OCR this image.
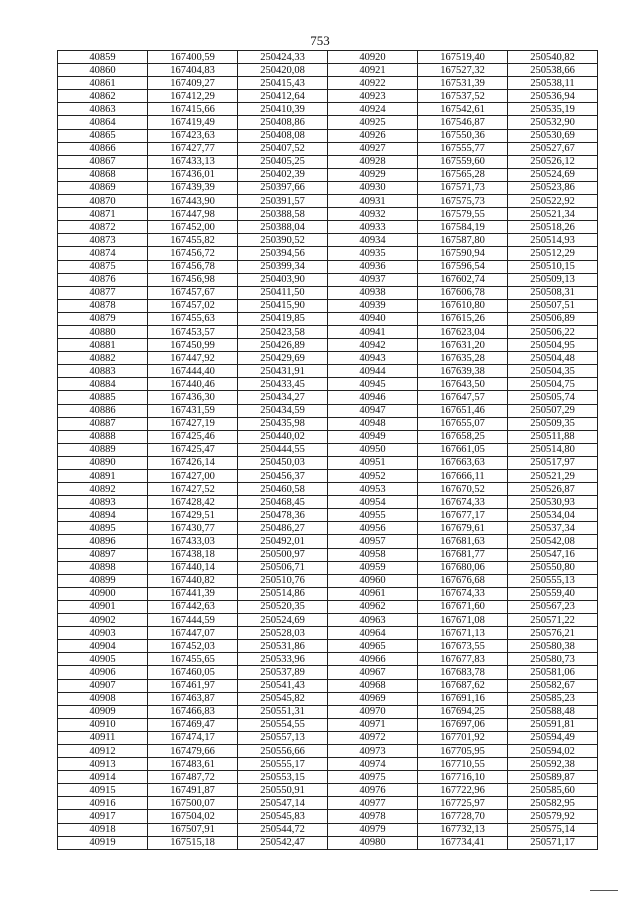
753
40859	167400,59	250424,33	40920	167519,40	250540,82
40860	167404,83	250420,08	40921	167527,32	250538,66
40861	167409,27	250415,43	40922	167531,39	250538,11
40862	167412,29	250412,64	40923	167537,52	250536,94
40863	167415,66	250410,39	40924	167542,61	250535,19
40864	167419,49	250408,86	40925	167546,87	250532,90
40865	167423,63	250408,08	40926	167550,36	250530,69
40866	167427,77	250407,52	40927	167555,77	250527,67
40867	167433,13	250405,25	40928	167559,60	250526,12
40868	167436,01	250402,39	40929	167565,28	250524,69
40869	167439,39	250397,66	40930	167571,73	250523,86
40870	167443,90	250391,57	40931	167575,73	250522,92
40871	167447,98	250388,58	40932	167579,55	250521,34
40872	167452,00	250388,04	40933	167584,19	250518,26
40873	167455,82	250390,52	40934	167587,80	250514,93
40874	167456,72	250394,56	40935	167590,94	250512,29
40875	167456,78	250399,34	40936	167596,54	250510,15
40876	167456,98	250403,90	40937	167602,74	250509,13
40877	167457,67	250411,50	40938	167606,78	250508,31
40878	167457,02	250415,90	40939	167610,80	250507,51
40879	167455,63	250419,85	40940	167615,26	250506,89
40880	167453,57	250423,58	40941	167623,04	250506,22
40881	167450,99	250426,89	40942	167631,20	250504,95
40882	167447,92	250429,69	40943	167635,28	250504,48
40883	167444,40	250431,91	40944	167639,38	250504,35
40884	167440,46	250433,45	40945	167643,50	250504,75
40885	167436,30	250434,27	40946	167647,57	250505,74
40886	167431,59	250434,59	40947	167651,46	250507,29
40887	167427,19	250435,98	40948	167655,07	250509,35
40888	167425,46	250440,02	40949	167658,25	250511,88
40889	167425,47	250444,55	40950	167661,05	250514,80
40890	167426,14	250450,03	40951	167663,63	250517,97
40891	167427,00	250456,37	40952	167666,11	250521,29
40892	167427,52	250460,58	40953	167670,52	250526,87
40893	167428,42	250468,45	40954	167674,33	250530,93
40894	167429,51	250478,36	40955	167677,17	250534,04
40895	167430,77	250486,27	40956	167679,61	250537,34
40896	167433,03	250492,01	40957	167681,63	250542,08
40897	167438,18	250500,97	40958	167681,77	250547,16
40898	167440,14	250506,71	40959	167680,06	250550,80
40899	167440,82	250510,76	40960	167676,68	250555,13
40900	167441,39	250514,86	40961	167674,33	250559,40
40901	167442,63	250520,35	40962	167671,60	250567,23
40902	167444,59	250524,69	40963	167671,08	250571,22
40903	167447,07	250528,03	40964	167671,13	250576,21
40904	167452,03	250531,86	40965	167673,55	250580,38
40905	167455,65	250533,96	40966	167677,83	250580,73
40906	167460,05	250537,89	40967	167683,78	250581,06
40907	167461,97	250541,43	40968	167687,62	250582,67
40908	167463,87	250545,82	40969	167691,16	250585,23
40909	167466,83	250551,31	40970	167694,25	250588,48
40910	167469,47	250554,55	40971	167697,06	250591,81
40911	167474,17	250557,13	40972	167701,92	250594,49
40912	167479,66	250556,66	40973	167705,95	250594,02
40913	167483,61	250555,17	40974	167710,55	250592,38
40914	167487,72	250553,15	40975	167716,10	250589,87
40915	167491,87	250550,91	40976	167722,96	250585,60
40916	167500,07	250547,14	40977	167725,97	250582,95
40917	167504,02	250545,83	40978	167728,70	250579,92
40918	167507,91	250544,72	40979	167732,13	250575,14
40919	167515,18	250542,47	40980	167734,41	250571,17
